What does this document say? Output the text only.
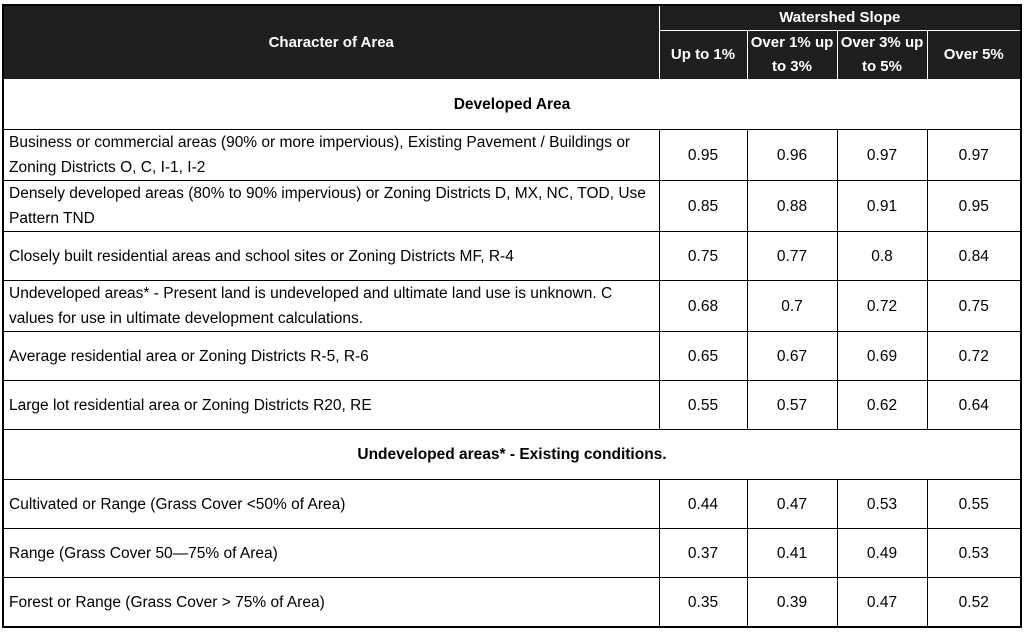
Character of Area	Watershed Slope			
	Up to 1%	Over 1% up to 3%	Over 3% up to 5%	Over 5%
Developed Area				
Business or commercial areas (90% or more impervious), Existing Pavement / Buildings or Zoning Districts O, C, I-1, I-2	0.95	0.96	0.97	0.97
Densely developed areas (80% to 90% impervious) or Zoning Districts D, MX, NC, TOD, Use Pattern TND	0.85	0.88	0.91	0.95
Closely built residential areas and school sites or Zoning Districts MF, R-4	0.75	0.77	0.8	0.84
Undeveloped areas* - Present land is undeveloped and ultimate land use is unknown. C values for use in ultimate development calculations.	0.68	0.7	0.72	0.75
Average residential area or Zoning Districts R-5, R-6	0.65	0.67	0.69	0.72
Large lot residential area or Zoning Districts R20, RE	0.55	0.57	0.62	0.64
Undeveloped areas* - Existing conditions.				
Cultivated or Range (Grass Cover <50% of Area)	0.44	0.47	0.53	0.55
Range (Grass Cover 50—75% of Area)	0.37	0.41	0.49	0.53
Forest or Range (Grass Cover > 75% of Area)	0.35	0.39	0.47	0.52
